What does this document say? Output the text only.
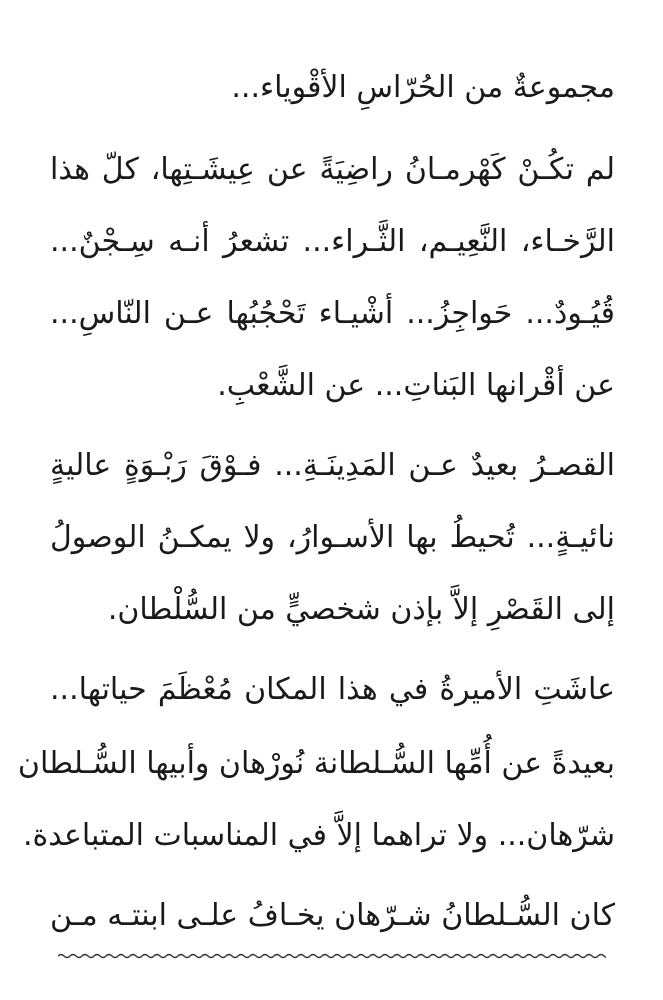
مجموعةٌ من الحُرّاسِ الأقْوياء...
لم تكُـنْ كَهْرمـانُ راضِيَةً عن عِيشَـتِها، كلّ هذا
الرَّخـاء، النَّعِيـم، الثَّـراء... تشعرُ أنـه سِـجْنٌ...
قُيُـودٌ... حَواجِزُ... أشْيـاء تَحْجُبُها عـن النّاسِ...
عن أقْرانها البَناتِ... عن الشَّعْبِ.
القصـرُ بعيدٌ عـن المَدِينَـةِ... فـوْقَ رَبْـوَةٍ عاليةٍ
نائيـةٍ... تُحيطُ بها الأسـوارُ، ولا يمكـنُ الوصولُ
إلى القَصْرِ إلاَّ بإذن شخصيٍّ من السُّلْطان.
عاشَتِ الأميرةُ في هذا المكان مُعْظَمَ حياتها...
بعيدةً عن أُمِّها السُّـلطانة نُورْهان وأبيها السُّـلطان
شرّهان... ولا تراهما إلاَّ في المناسبات المتباعدة.
كان السُّـلطانُ شـرّهان يخـافُ علـى ابنتـه مـن
